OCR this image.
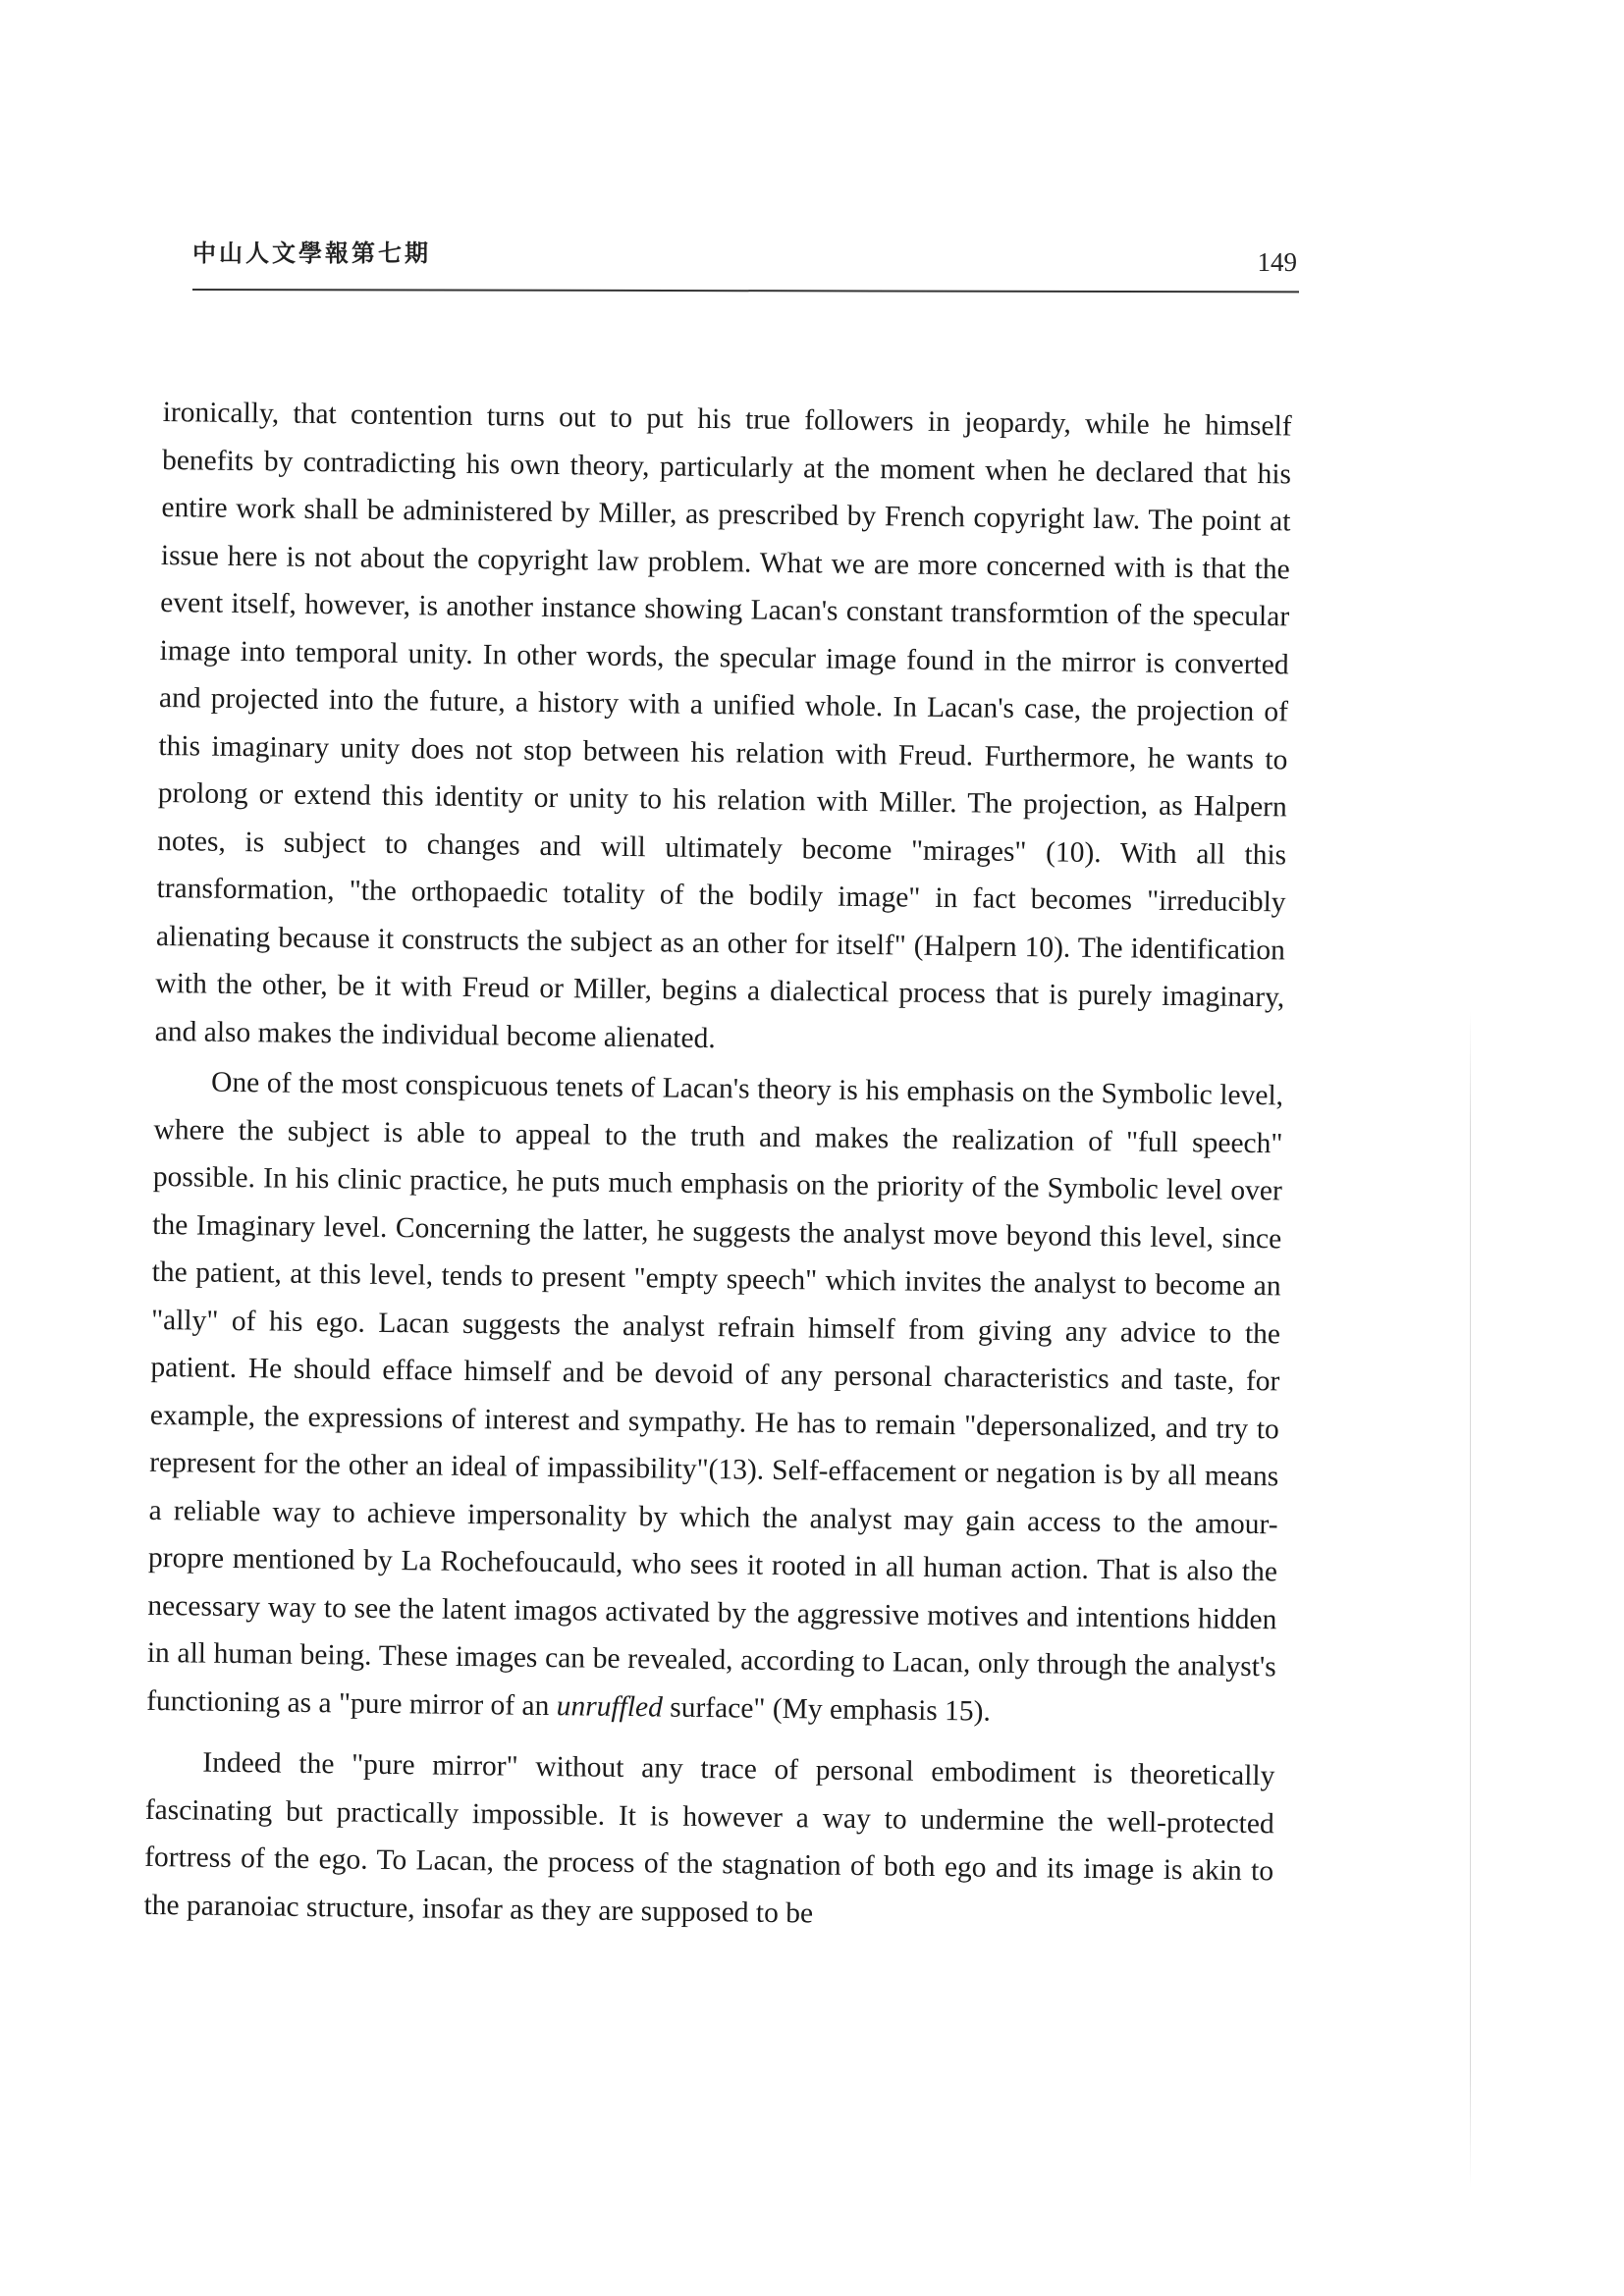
中山人文學報第七期	149

ironically, that contention turns out to put his true followers in jeopardy, while he himself benefits by contradicting his own theory, particularly at the moment when he declared that his entire work shall be administered by Miller, as prescribed by French copyright law. The point at issue here is not about the copyright law problem. What we are more concerned with is that the event itself, however, is another instance showing Lacan's constant transformtion of the specular image into temporal unity. In other words, the specular image found in the mirror is converted and projected into the future, a history with a unified whole. In Lacan's case, the projection of this imaginary unity does not stop between his relation with Freud. Furthermore, he wants to prolong or extend this identity or unity to his relation with Miller. The projection, as Halpern notes, is subject to changes and will ultimately become "mirages" (10). With all this transformation, "the orthopaedic totality of the bodily image" in fact becomes "irreducibly alienating because it constructs the subject as an other for itself" (Halpern 10). The identification with the other, be it with Freud or Miller, begins a dialectical process that is purely imaginary, and also makes the individual become alienated.

One of the most conspicuous tenets of Lacan's theory is his emphasis on the Symbolic level, where the subject is able to appeal to the truth and makes the realization of "full speech" possible. In his clinic practice, he puts much emphasis on the priority of the Symbolic level over the Imaginary level. Concerning the latter, he suggests the analyst move beyond this level, since the patient, at this level, tends to present "empty speech" which invites the analyst to become an "ally" of his ego. Lacan suggests the analyst refrain himself from giving any advice to the patient. He should efface himself and be devoid of any personal characteristics and taste, for example, the expressions of interest and sympathy. He has to remain "depersonalized, and try to represent for the other an ideal of impassibility"(13). Self-effacement or negation is by all means a reliable way to achieve impersonality by which the analyst may gain access to the amour-propre mentioned by La Rochefoucauld, who sees it rooted in all human action. That is also the necessary way to see the latent imagos activated by the aggressive motives and intentions hidden in all human being. These images can be revealed, according to Lacan, only through the analyst's functioning as a "pure mirror of an unruffled surface" (My emphasis 15).

Indeed the "pure mirror" without any trace of personal embodiment is theoretically fascinating but practically impossible. It is however a way to undermine the well-protected fortress of the ego. To Lacan, the process of the stagnation of both ego and its image is akin to the paranoiac structure, insofar as they are supposed to be
